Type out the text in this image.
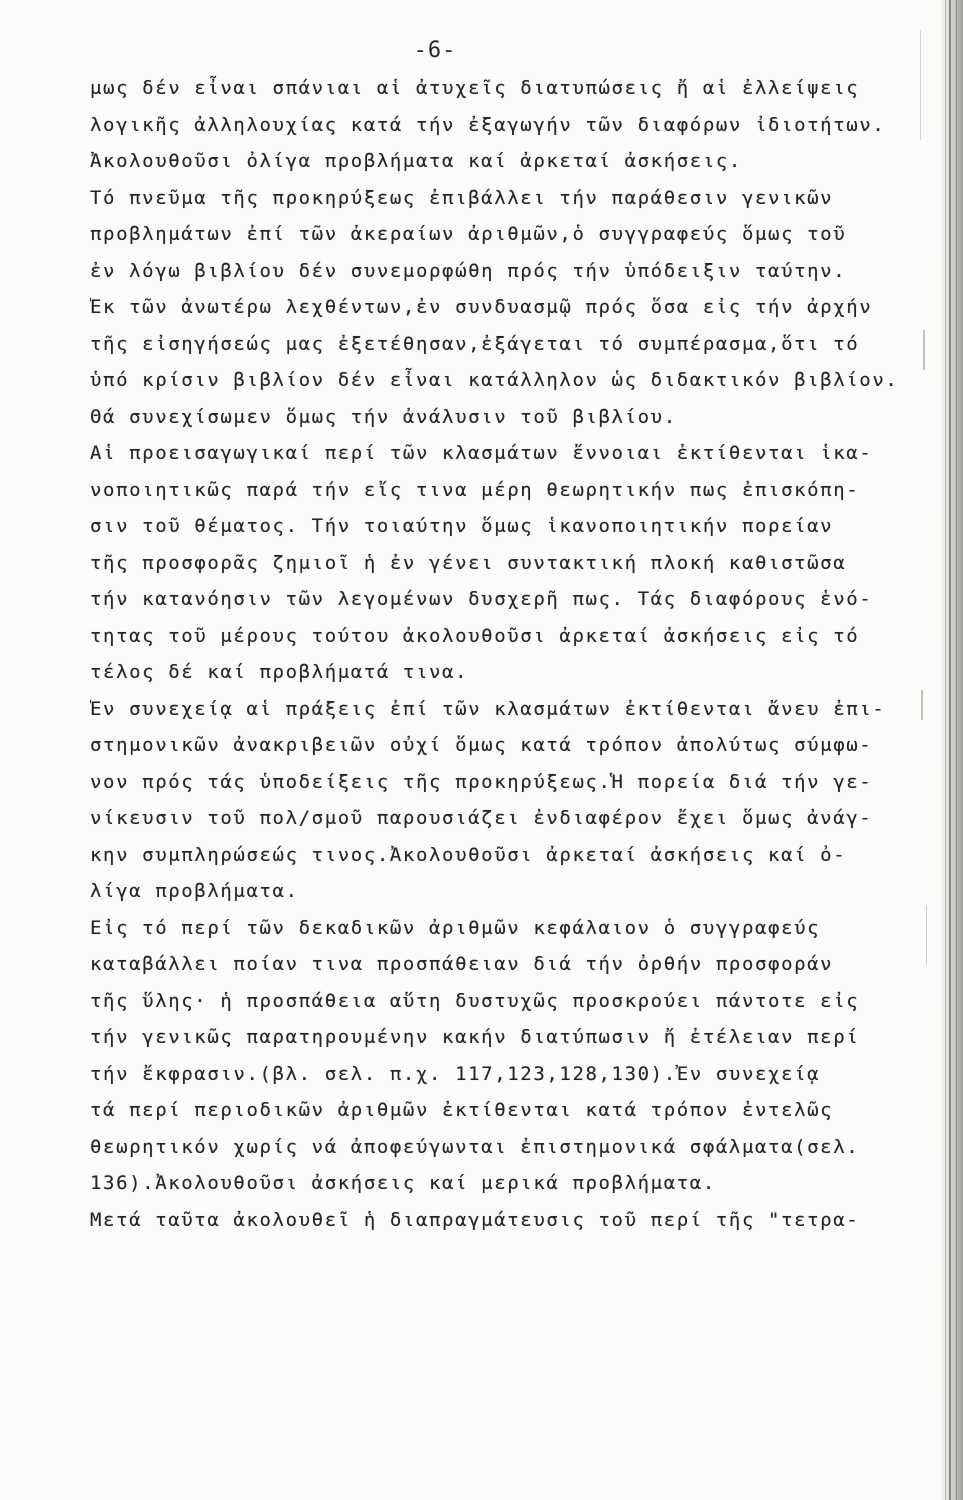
-6-
μως δέν εἶναι σπάνιαι αἱ ἀτυχεῖς διατυπώσεις ἤ αἱ ἐλλείψεις
λογικῆς ἀλληλουχίας κατά τήν ἐξαγωγήν τῶν διαφόρων ἰδιοτήτων.
Ἀκολουθοῦσι ὀλίγα προβλήματα καί ἀρκεταί ἀσκήσεις.
Τό πνεῦμα τῆς προκηρύξεως ἐπιβάλλει τήν παράθεσιν γενικῶν
προβλημάτων ἐπί τῶν ἀκεραίων ἀριθμῶν,ὁ συγγραφεύς ὅμως τοῦ
ἐν λόγω βιβλίου δέν συνεμορφώθη πρός τήν ὑπόδειξιν ταύτην.
Ἐκ τῶν ἀνωτέρω λεχθέντων,ἐν συνδυασμῷ πρός ὅσα εἰς τήν ἀρχήν
τῆς εἰσηγήσεώς μας ἐξετέθησαν,ἐξάγεται τό συμπέρασμα,ὅτι τό
ὑπό κρίσιν βιβλίον δέν εἶναι κατάλληλον ὡς διδακτικόν βιβλίον.
Θά συνεχίσωμεν ὅμως τήν ἀνάλυσιν τοῦ βιβλίου.
Αἱ προεισαγωγικαί περί τῶν κλασμάτων ἔννοιαι ἐκτίθενται ἱκα-
νοποιητικῶς παρά τήν εἴς τινα μέρη θεωρητικήν πως ἐπισκόπη-
σιν τοῦ θέματος. Τήν τοιαύτην ὅμως ἱκανοποιητικήν πορείαν
τῆς προσφορᾶς ζημιοῖ ἡ ἐν γένει συντακτική πλοκή καθιστῶσα
τήν κατανόησιν τῶν λεγομένων δυσχερῆ πως. Τάς διαφόρους ἑνό-
τητας τοῦ μέρους τούτου ἀκολουθοῦσι ἀρκεταί ἀσκήσεις εἰς τό
τέλος δέ καί προβλήματά τινα.
Ἐν συνεχείᾳ αἱ πράξεις ἐπί τῶν κλασμάτων ἐκτίθενται ἄνευ ἐπι-
στημονικῶν ἀνακριβειῶν οὐχί ὅμως κατά τρόπον ἀπολύτως σύμφω-
νον πρός τάς ὑποδείξεις τῆς προκηρύξεως.Ἡ πορεία διά τήν γε-
νίκευσιν τοῦ πολ/σμοῦ παρουσιάζει ἐνδιαφέρον ἔχει ὅμως ἀνάγ-
κην συμπληρώσεώς τινος.Ἀκολουθοῦσι ἀρκεταί ἀσκήσεις καί ὀ-
λίγα προβλήματα.
Εἰς τό περί τῶν δεκαδικῶν ἀριθμῶν κεφάλαιον ὁ συγγραφεύς
καταβάλλει ποίαν τινα προσπάθειαν διά τήν ὀρθήν προσφοράν
τῆς ὕλης· ἡ προσπάθεια αὕτη δυστυχῶς προσκρούει πάντοτε εἰς
τήν γενικῶς παρατηρουμένην κακήν διατύπωσιν ἤ ἐτέλειαν περί
τήν ἔκφρασιν.(βλ. σελ. π.χ. 117,123,128,130).Ἐν συνεχείᾳ
τά περί περιοδικῶν ἀριθμῶν ἐκτίθενται κατά τρόπον ἐντελῶς
θεωρητικόν χωρίς νά ἀποφεύγωνται ἐπιστημονικά σφάλματα(σελ.
136).Ἀκολουθοῦσι ἀσκήσεις καί μερικά προβλήματα.
Μετά ταῦτα ἀκολουθεῖ ἡ διαπραγμάτευσις τοῦ περί τῆς "τετρα-
